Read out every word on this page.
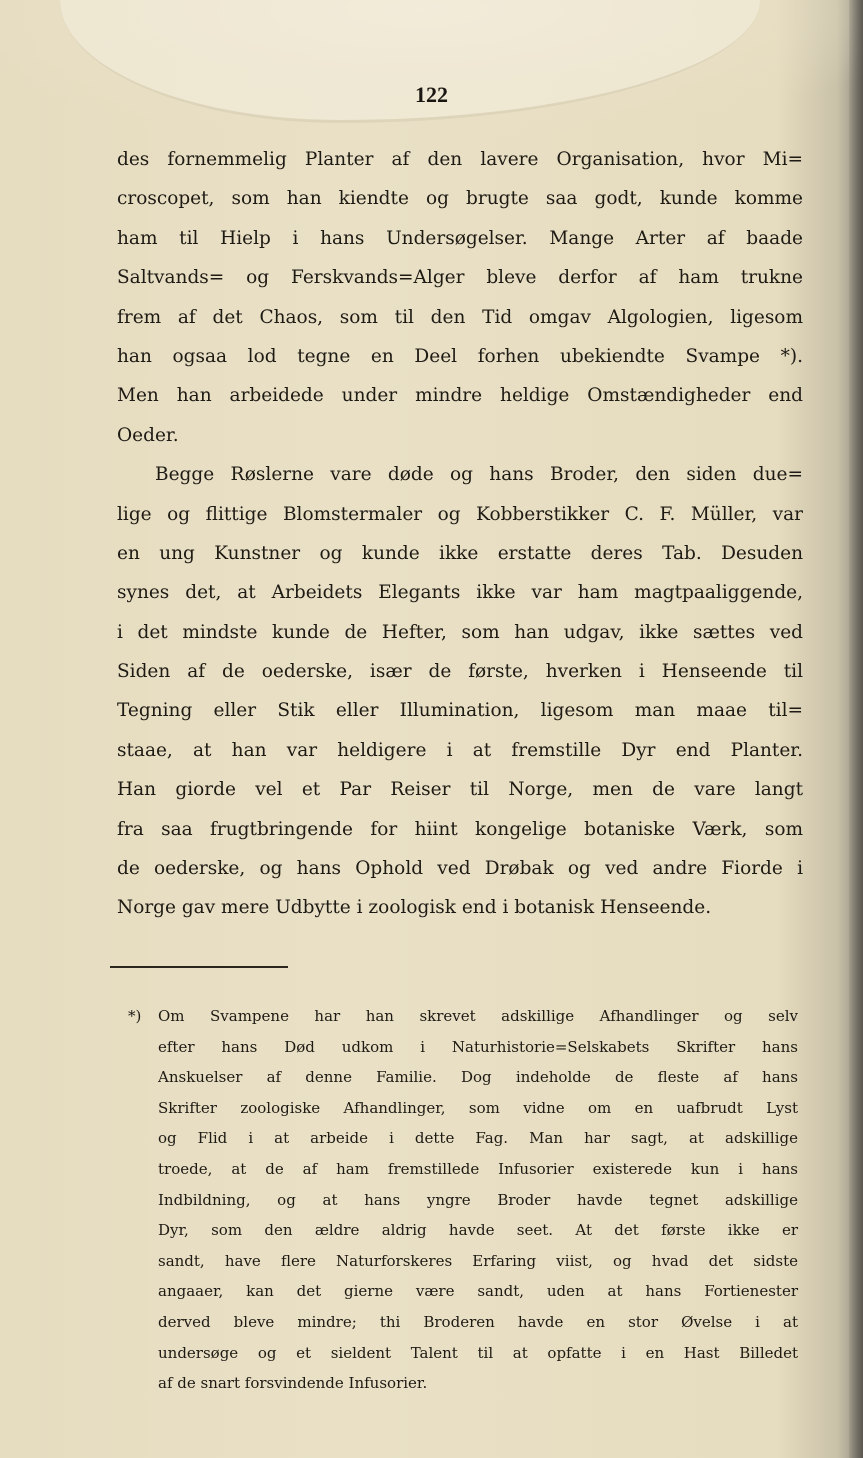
122
des fornemmelig Planter af den lavere Organisation, hvor Mi=
croscopet, som han kiendte og brugte saa godt, kunde komme
ham til Hielp i hans Undersøgelser. Mange Arter af baade
Saltvands= og Ferskvands=Alger bleve derfor af ham trukne
frem af det Chaos, som til den Tid omgav Algologien, ligesom
han ogsaa lod tegne en Deel forhen ubekiendte Svampe *).
Men han arbeidede under mindre heldige Omstændigheder end
Oeder.
Begge Røslerne vare døde og hans Broder, den siden due=
lige og flittige Blomstermaler og Kobberstikker C. F. Müller, var
en ung Kunstner og kunde ikke erstatte deres Tab. Desuden
synes det, at Arbeidets Elegants ikke var ham magtpaaliggende,
i det mindste kunde de Hefter, som han udgav, ikke sættes ved
Siden af de oederske, især de første, hverken i Henseende til
Tegning eller Stik eller Illumination, ligesom man maae til=
staae, at han var heldigere i at fremstille Dyr end Planter.
Han giorde vel et Par Reiser til Norge, men de vare langt
fra saa frugtbringende for hiint kongelige botaniske Værk, som
de oederske, og hans Ophold ved Drøbak og ved andre Fiorde i
Norge gav mere Udbytte i zoologisk end i botanisk Henseende.
*) Om Svampene har han skrevet adskillige Afhandlinger og selv
efter hans Død udkom i Naturhistorie=Selskabets Skrifter hans
Anskuelser af denne Familie. Dog indeholde de fleste af hans
Skrifter zoologiske Afhandlinger, som vidne om en uafbrudt Lyst
og Flid i at arbeide i dette Fag. Man har sagt, at adskillige
troede, at de af ham fremstillede Infusorier existerede kun i hans
Indbildning, og at hans yngre Broder havde tegnet adskillige
Dyr, som den ældre aldrig havde seet. At det første ikke er
sandt, have flere Naturforskeres Erfaring viist, og hvad det sidste
angaaer, kan det gierne være sandt, uden at hans Fortienester
derved bleve mindre; thi Broderen havde en stor Øvelse i at
undersøge og et sieldent Talent til at opfatte i en Hast Billedet
af de snart forsvindende Infusorier.
